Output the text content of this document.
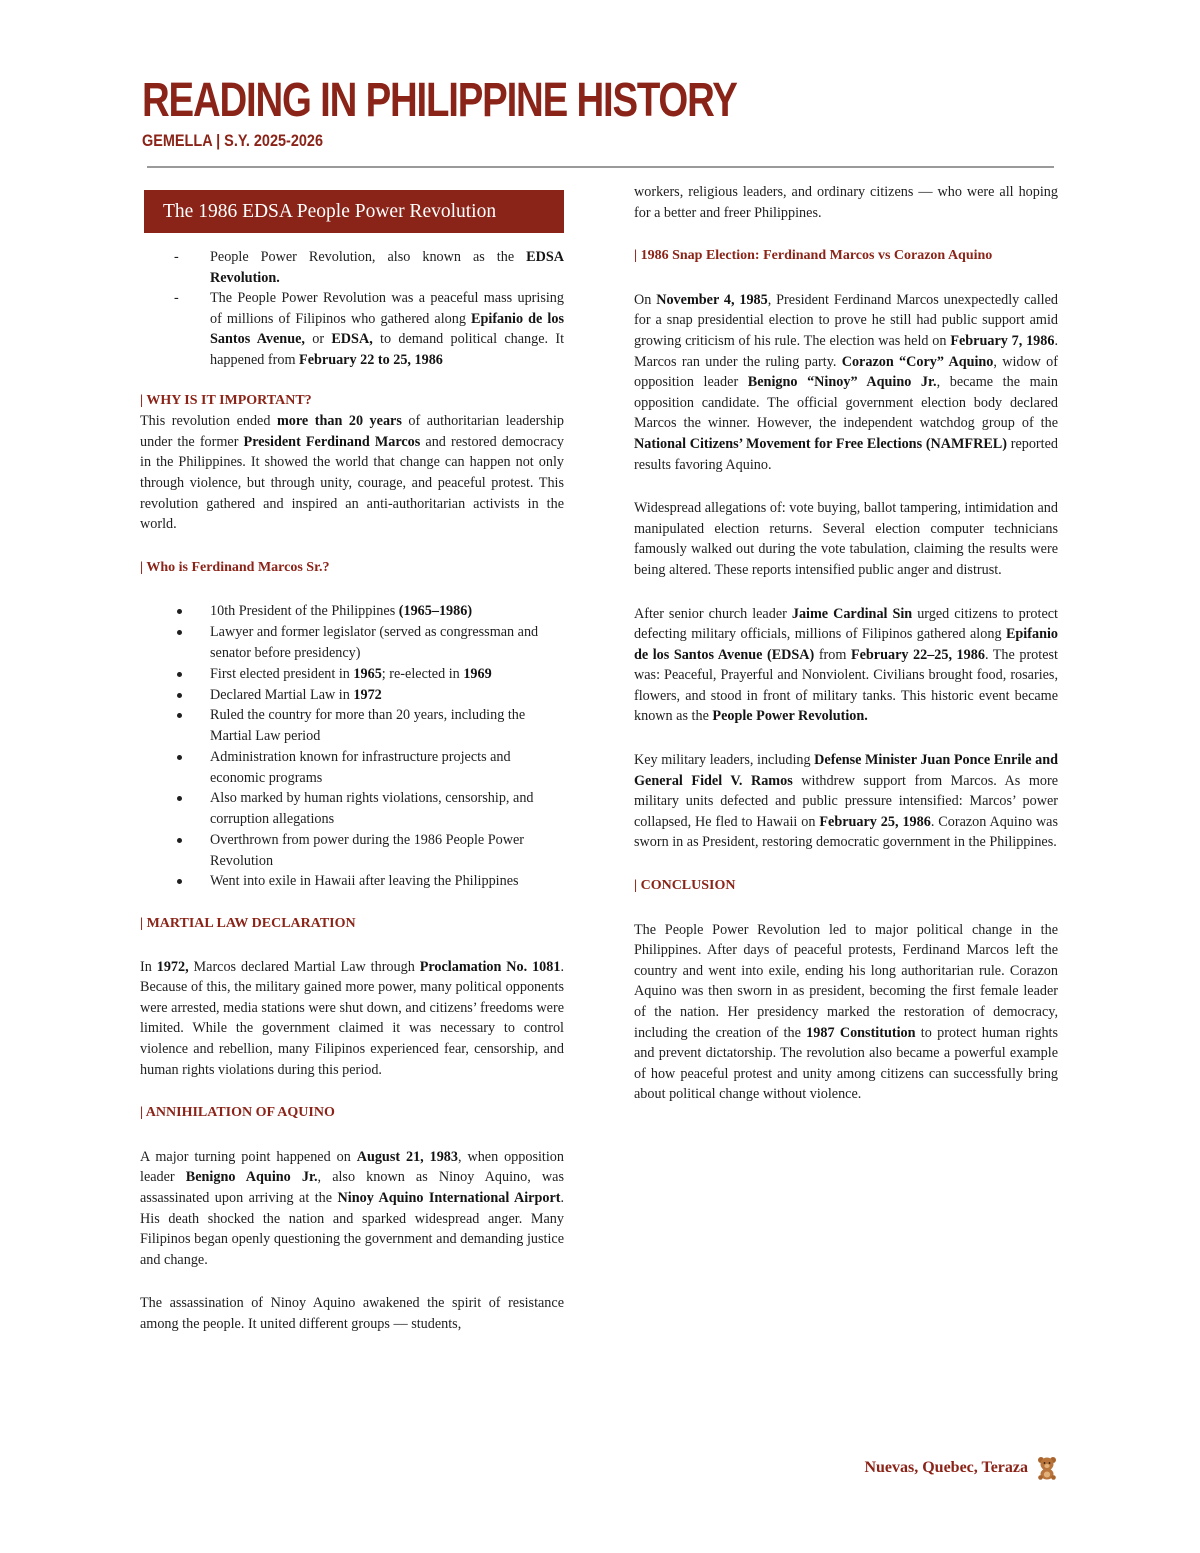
READING IN PHILIPPINE HISTORY
GEMELLA | S.Y. 2025-2026
The 1986 EDSA People Power Revolution
- People Power Revolution, also known as the EDSA Revolution.
- The People Power Revolution was a peaceful mass uprising of millions of Filipinos who gathered along Epifanio de los Santos Avenue, or EDSA, to demand political change. It happened from February 22 to 25, 1986

| WHY IS IT IMPORTANT?

This revolution ended more than 20 years of authoritarian leadership under the former President Ferdinand Marcos and restored democracy in the Philippines. It showed the world that change can happen not only through violence, but through unity, courage, and peaceful protest. This revolution gathered and inspired an anti-authoritarian activists in the world.

| Who is Ferdinand Marcos Sr.?

10th President of the Philippines (1965–1986)
Lawyer and former legislator (served as congressman and senator before presidency)
First elected president in 1965; re-elected in 1969
Declared Martial Law in 1972
Ruled the country for more than 20 years, including the Martial Law period
Administration known for infrastructure projects and economic programs
Also marked by human rights violations, censorship, and corruption allegations
Overthrown from power during the 1986 People Power Revolution
Went into exile in Hawaii after leaving the Philippines

| MARTIAL LAW DECLARATION

In 1972, Marcos declared Martial Law through Proclamation No. 1081. Because of this, the military gained more power, many political opponents were arrested, media stations were shut down, and citizens’ freedoms were limited. While the government claimed it was necessary to control violence and rebellion, many Filipinos experienced fear, censorship, and human rights violations during this period.

| ANNIHILATION OF AQUINO

A major turning point happened on August 21, 1983, when opposition leader Benigno Aquino Jr., also known as Ninoy Aquino, was assassinated upon arriving at the Ninoy Aquino International Airport. His death shocked the nation and sparked widespread anger. Many Filipinos began openly questioning the government and demanding justice and change.

The assassination of Ninoy Aquino awakened the spirit of resistance among the people. It united different groups — students,

workers, religious leaders, and ordinary citizens — who were all hoping for a better and freer Philippines.

| 1986 Snap Election: Ferdinand Marcos vs Corazon Aquino

On November 4, 1985, President Ferdinand Marcos unexpectedly called for a snap presidential election to prove he still had public support amid growing criticism of his rule. The election was held on February 7, 1986. Marcos ran under the ruling party. Corazon “Cory” Aquino, widow of opposition leader Benigno “Ninoy” Aquino Jr., became the main opposition candidate. The official government election body declared Marcos the winner. However, the independent watchdog group of the National Citizens’ Movement for Free Elections (NAMFREL) reported results favoring Aquino.

Widespread allegations of: vote buying, ballot tampering, intimidation and manipulated election returns. Several election computer technicians famously walked out during the vote tabulation, claiming the results were being altered. These reports intensified public anger and distrust.

After senior church leader Jaime Cardinal Sin urged citizens to protect defecting military officials, millions of Filipinos gathered along Epifanio de los Santos Avenue (EDSA) from February 22–25, 1986. The protest was: Peaceful, Prayerful and Nonviolent. Civilians brought food, rosaries, flowers, and stood in front of military tanks. This historic event became known as the People Power Revolution.

Key military leaders, including Defense Minister Juan Ponce Enrile and General Fidel V. Ramos withdrew support from Marcos. As more military units defected and public pressure intensified: Marcos’ power collapsed, He fled to Hawaii on February 25, 1986. Corazon Aquino was sworn in as President, restoring democratic government in the Philippines.

| CONCLUSION

The People Power Revolution led to major political change in the Philippines. After days of peaceful protests, Ferdinand Marcos left the country and went into exile, ending his long authoritarian rule. Corazon Aquino was then sworn in as president, becoming the first female leader of the nation. Her presidency marked the restoration of democracy, including the creation of the 1987 Constitution to protect human rights and prevent dictatorship. The revolution also became a powerful example of how peaceful protest and unity among citizens can successfully bring about political change without violence.

Nuevas, Quebec, Teraza
